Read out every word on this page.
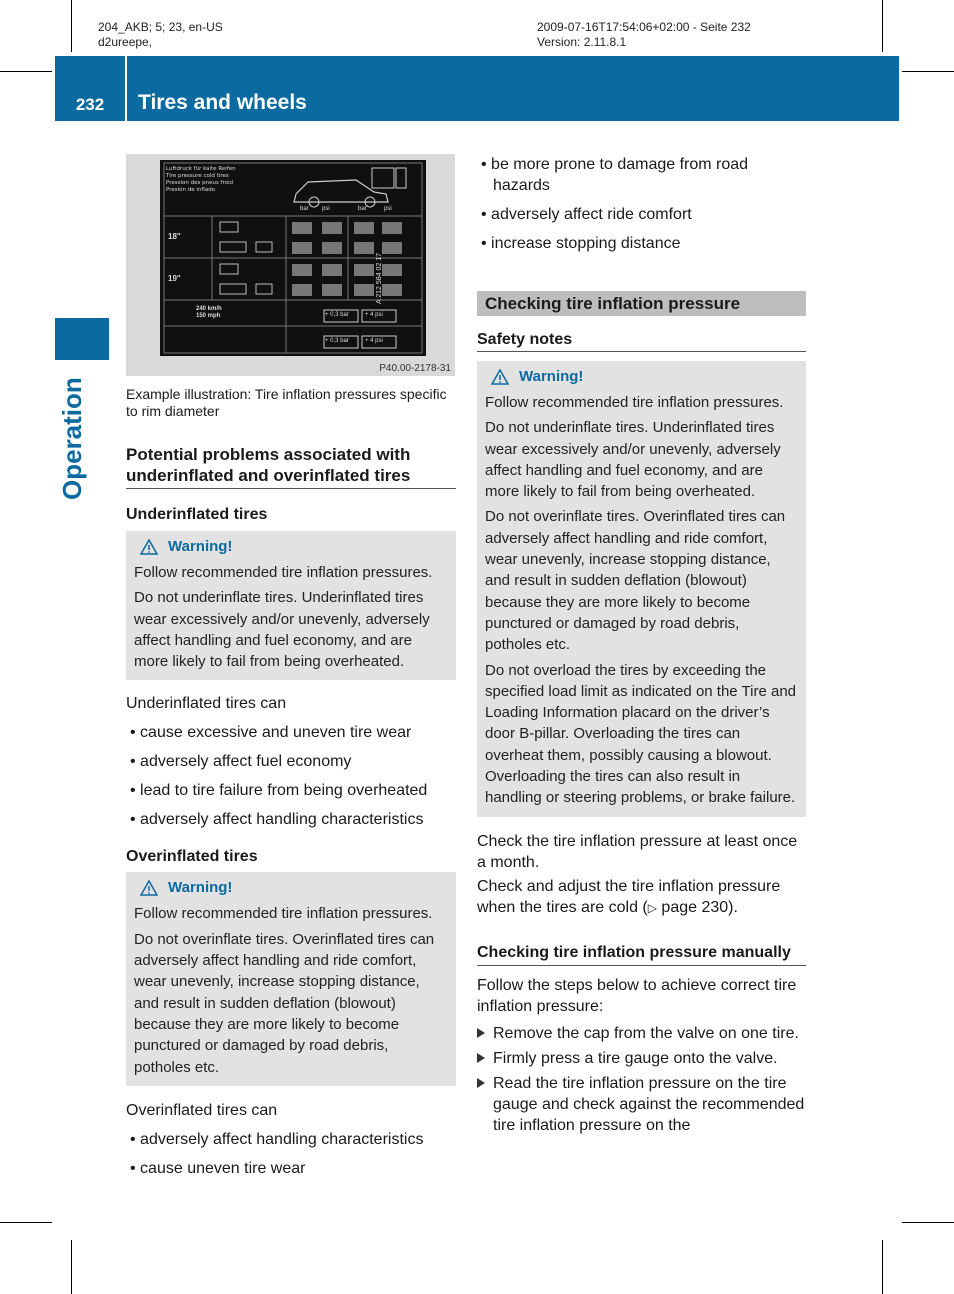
204_AKB; 5; 23, en-US
d2ureepe,
2009-07-16T17:54:06+02:00 - Seite 232
Version: 2.11.8.1
232	Tires and wheels
Operation
Luftdruck für kalte Reifen
Tire pressure cold tires
Pression des pneus froid
Presión de inflado
bar psi	bar	psi
18"
19"
240 km/h 150 mph	+ 0,3 bar	+ 4 psi
+ 0,3 bar	+ 4 psi
A 212 584 02 17
P40.00-2178-31
Example illustration: Tire inflation pressures specific to rim diameter
Potential problems associated with underinflated and overinflated tires
Underinflated tires
Warning!

Follow recommended tire inflation pressures.

Do not underinflate tires. Underinflated tires wear excessively and/or unevenly, adversely affect handling and fuel economy, and are more likely to fail from being overheated.

Underinflated tires can

• cause excessive and uneven tire wear
• adversely affect fuel economy
• lead to tire failure from being overheated
• adversely affect handling characteristics
Overinflated tires
Warning!

Follow recommended tire inflation pressures.

Do not overinflate tires. Overinflated tires can adversely affect handling and ride comfort, wear unevenly, increase stopping distance, and result in sudden deflation (blowout) because they are more likely to become punctured or damaged by road debris, potholes etc.

Overinflated tires can

• adversely affect handling characteristics
• cause uneven tire wear
• be more prone to damage from road hazards
• adversely affect ride comfort
• increase stopping distance
Checking tire inflation pressure
Safety notes
Warning!

Follow recommended tire inflation pressures.

Do not underinflate tires. Underinflated tires wear excessively and/or unevenly, adversely affect handling and fuel economy, and are more likely to fail from being overheated.

Do not overinflate tires. Overinflated tires can adversely affect handling and ride comfort, wear unevenly, increase stopping distance, and result in sudden deflation (blowout) because they are more likely to become punctured or damaged by road debris, potholes etc.

Do not overload the tires by exceeding the specified load limit as indicated on the Tire and Loading Information placard on the driver’s door B-pillar. Overloading the tires can overheat them, possibly causing a blowout. Overloading the tires can also result in handling or steering problems, or brake failure.

Check the tire inflation pressure at least once a month.

Check and adjust the tire inflation pressure when the tires are cold (▷ page 230).

Checking tire inflation pressure manually

Follow the steps below to achieve correct tire inflation pressure:

Remove the cap from the valve on one tire.
Firmly press a tire gauge onto the valve.
Read the tire inflation pressure on the tire gauge and check against the recommended tire inflation pressure on the
